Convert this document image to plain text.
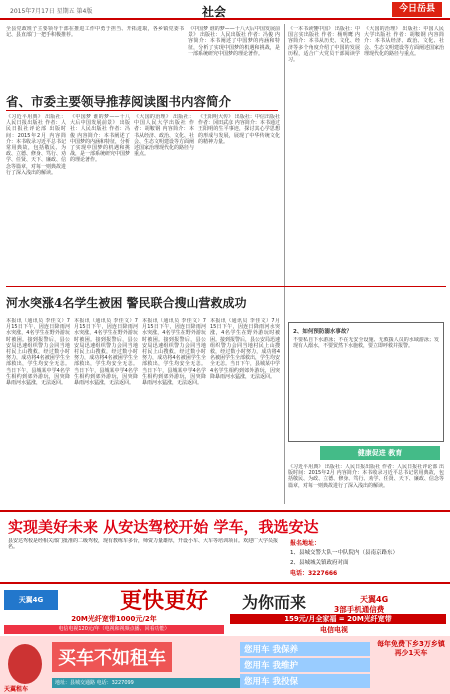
2015年7月17日 星期五 第4版	社会	今日岳县
全县党政班子主要领导干部在推进工作中勇于担当、开拓进取，各乡镇党委书记、县直部门一把手积极推荐。
《中国梦 谁的梦——十八大后中国发展前景》 出版社：人民出版社 作者：冯俊 内容简介：本书阐述了中国梦的内涵和特征，分析了实现中国梦的机遇和挑战，是一部系统研究中国梦的理论著作。
省、市委主要领导推荐阅读图书内容简介
《习近平用典》 出版社：人民日报出版社 作者：人民日报社评论部 出版时间：2015年2月 内容简介：本书收录习近平总书记常用典故，包括敬民、为政、立德、修身、笃行、劝学、任贤、天下、廉政、信念等篇章，对每一则典故进行了深入浅出的解读。
《中国梦 谁的梦——十八大后中国发展前景》 出版社：人民出版社 作者：冯俊 内容简介：本书阐述了中国梦的内涵和特征，分析了实现中国梦的机遇和挑战，是一部系统研究中国梦的理论著作。
《大国的治理》 出版社：中国人民大学出版社 作者：胡鞍钢 内容简介：本书从经济、政治、文化、社会、生态文明建设等方面阐述国家治理现代化的路径与重点。
《王阳明大传》 出版社：中信出版社 作者：冈田武彦 内容简介：本书通过王阳明的生平事迹，探讨其心学思想的形成与发展，展现了中华传统文化的精神力量。
《一本书读懂中国》 出版社：中国言实出版社 作者：杨明鹰 内容简介：本书从历史、文化、经济等多个角度介绍了中国的发展历程，适合广大党员干部阅读学习。
《大国的治理》 出版社：中国人民大学出版社 作者：胡鞍钢 内容简介：本书从经济、政治、文化、社会、生态文明建设等方面阐述国家治理现代化的路径与重点。
河水突涨4名学生被困 警民联合搜山营救成功
本报讯（通讯员 李佳文）7月15日下午，因连日降雨河水突涨，4名学生在野外游玩时被困。接到报警后，县公安局迅速组织警力会同当地村民上山搜救，经过数小时努力，成功将4名被困学生全部救出，学生均安全无恙。当日下午，县城某中学4名学生相约到郊外游玩，因突降暴雨河水猛涨，无法返回。
本报讯（通讯员 李佳文）7月15日下午，因连日降雨河水突涨，4名学生在野外游玩时被困。接到报警后，县公安局迅速组织警力会同当地村民上山搜救，经过数小时努力，成功将4名被困学生全部救出，学生均安全无恙。当日下午，县城某中学4名学生相约到郊外游玩，因突降暴雨河水猛涨，无法返回。
本报讯（通讯员 李佳文）7月15日下午，因连日降雨河水突涨，4名学生在野外游玩时被困。接到报警后，县公安局迅速组织警力会同当地村民上山搜救，经过数小时努力，成功将4名被困学生全部救出，学生均安全无恙。当日下午，县城某中学4名学生相约到郊外游玩，因突降暴雨河水猛涨，无法返回。
本报讯（通讯员 李佳文）7月15日下午，因连日降雨河水突涨，4名学生在野外游玩时被困。接到报警后，县公安局迅速组织警力会同当地村民上山搜救，经过数小时努力，成功将4名被困学生全部救出，学生均安全无恙。当日下午，县城某中学4名学生相约到郊外游玩，因突降暴雨河水猛涨，无法返回。
2、如何预防溺水事故？
不要私自下水游泳；不在无安全设施、无救援人员的水域游泳；发现有人溺水，不要贸然下水施救，要立即呼救并报警。
健康促进 教育
《习近平用典》 出版社：人民日报出版社 作者：人民日报社评论部 出版时间：2015年2月 内容简介：本书收录习近平总书记常用典故，包括敬民、为政、立德、修身、笃行、劝学、任贤、天下、廉政、信念等篇章，对每一则典故进行了深入浅出的解读。
实现美好未来 从安达驾校开始 学车，我选安达
县安达驾校是经相关部门批准的二级驾校，现有教练车多台，师资力量雄厚，开设小车、大车等培训项目。欢迎广大学员报名。
报名地址：
1、县城交警大队一中队院内（县南京路东）
2、县城城关镇政府对面
电话：3227666
天翼4G	更快更好 为你而来	天翼4G
20M光纤宽带1000元/2年
电信电视120元/年（电视和视频点播、回看功能）
3部手机通信费
159元/月全家福 = 20M光纤宽带
电信电视
天翼租车
买车不如租车
地址：县城交通路 电话：3227099
您用车 我保养
您用车 我维护
您用车 我投保
每年免费下乡3万乡镇再少1天车
